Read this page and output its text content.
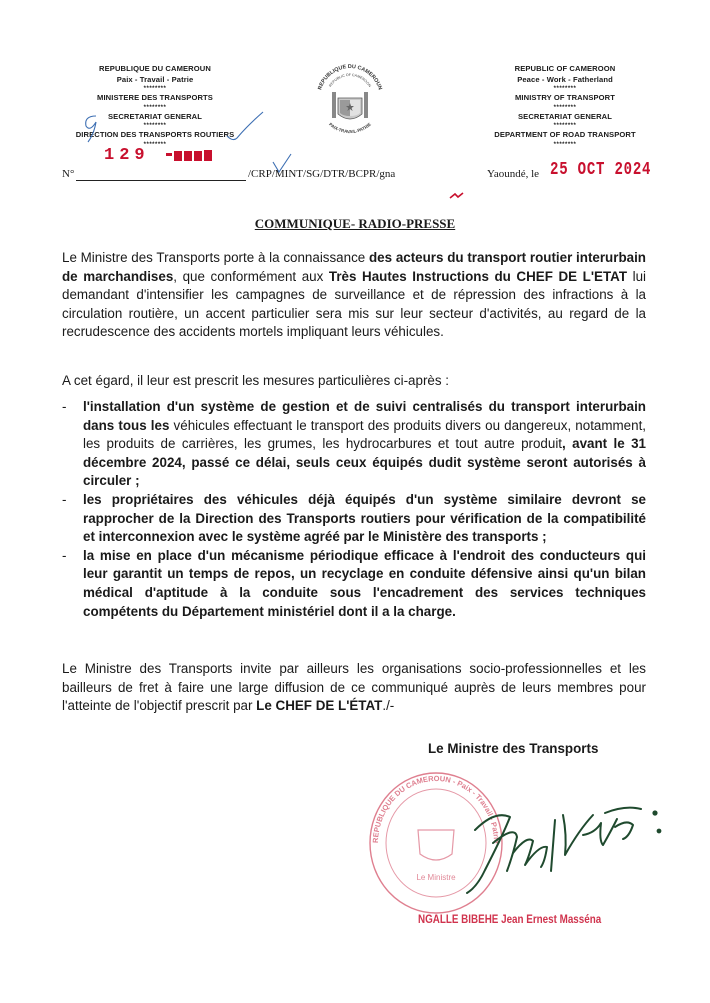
REPUBLIQUE DU CAMEROUN
Paix - Travail - Patrie
********
MINISTERE DES TRANSPORTS
********
SECRETARIAT GENERAL
********
DIRECTION DES TRANSPORTS ROUTIERS
********
REPUBLIQUE DU CAMEROUN
REPUBLIC OF CAMEROON
PAIX-TRAVAIL-PATRIE
REPUBLIC OF CAMEROON
Peace - Work - Fatherland
********
MINISTRY OF TRANSPORT
********
SECRETARIAT GENERAL
********
DEPARTMENT OF ROAD TRANSPORT
********
N°
129
/CRP/MINT/SG/DTR/BCPR/gna	Yaoundé, le 25 OCT 2024
COMMUNIQUE- RADIO-PRESSE
Le Ministre des Transports porte à la connaissance des acteurs du transport routier interurbain de marchandises, que conformément aux Très Hautes Instructions du CHEF DE L'ETAT lui demandant d'intensifier les campagnes de surveillance et de répression des infractions à la circulation routière, un accent particulier sera mis sur leur secteur d'activités, au regard de la recrudescence des accidents mortels impliquant leurs véhicules.
A cet égard, il leur est prescrit les mesures particulières ci-après :
- l'installation d'un système de gestion et de suivi centralisés du transport interurbain dans tous les véhicules effectuant le transport des produits divers ou dangereux, notamment, les produits de carrières, les grumes, les hydrocarbures et tout autre produit, avant le 31 décembre 2024, passé ce délai, seuls ceux équipés dudit système seront autorisés à circuler ;
- les propriétaires des véhicules déjà équipés d'un système similaire devront se rapprocher de la Direction des Transports routiers pour vérification de la compatibilité et interconnexion avec le système agréé par le Ministère des transports ;
- la mise en place d'un mécanisme périodique efficace à l'endroit des conducteurs qui leur garantit un temps de repos, un recyclage en conduite défensive ainsi qu'un bilan médical d'aptitude à la conduite sous l'encadrement des services techniques compétents du Département ministériel dont il a la charge.
Le Ministre des Transports invite par ailleurs les organisations socio-professionnelles et les bailleurs de fret à faire une large diffusion de ce communiqué auprès de leurs membres pour l'atteinte de l'objectif prescrit par Le CHEF DE L'ÉTAT./-
Le Ministre des Transports
REPUBLIQUE DU CAMEROUN - Paix - Travail - Patrie
Le Ministre
NGALLE BIBEHE Jean Ernest Masséna
